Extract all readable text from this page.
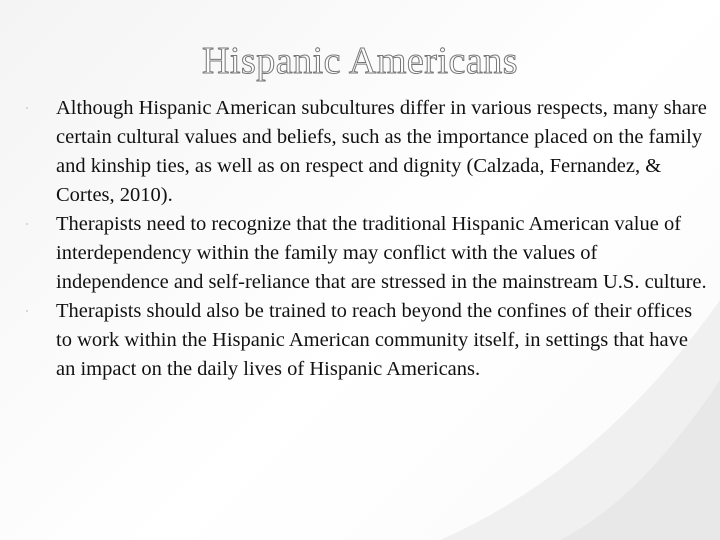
Hispanic Americans
· Although Hispanic American subcultures differ in various respects, many share certain cultural values and beliefs, such as the importance placed on the family and kinship ties, as well as on respect and dignity (Calzada, Fernandez, & Cortes, 2010).
· Therapists need to recognize that the traditional Hispanic American value of interdependency within the family may conflict with the values of independence and self-reliance that are stressed in the mainstream U.S. culture.
· Therapists should also be trained to reach beyond the confines of their offices to work within the Hispanic American community itself, in settings that have an impact on the daily lives of Hispanic Americans.
